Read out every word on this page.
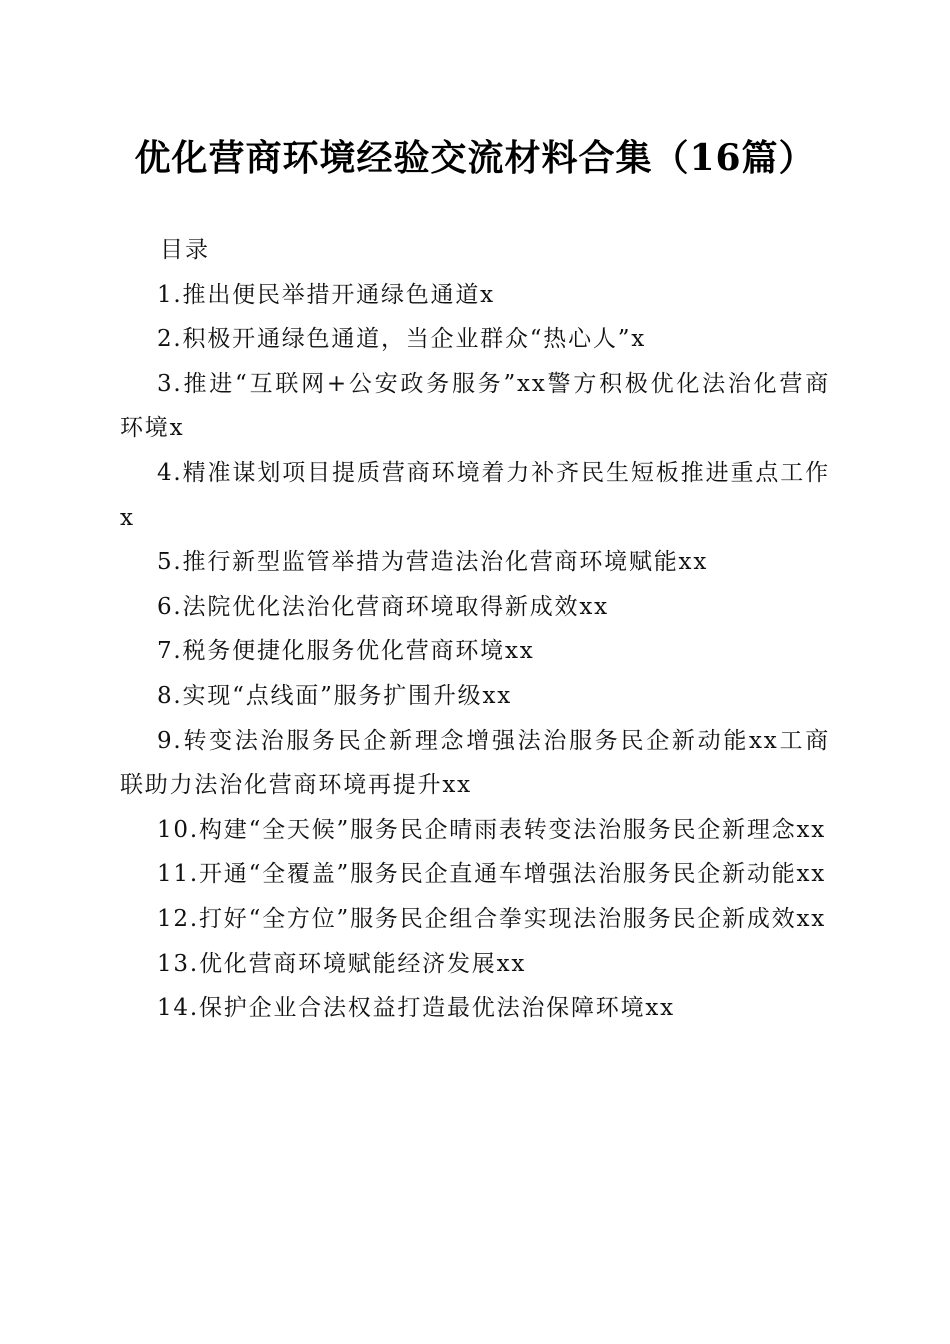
优化营商环境经验交流材料合集（16篇）
目录
1.推出便民举措开通绿色通道x
2.积极开通绿色通道，当企业群众“热心人”x
3.推进“互联网+公安政务服务”xx警方积极优化法治化营商环境x
4.精准谋划项目提质营商环境着力补齐民生短板推进重点工作x
5.推行新型监管举措为营造法治化营商环境赋能xx
6.法院优化法治化营商环境取得新成效xx
7.税务便捷化服务优化营商环境xx
8.实现“点线面”服务扩围升级xx
9.转变法治服务民企新理念增强法治服务民企新动能xx工商联助力法治化营商环境再提升xx
10.构建“全天候”服务民企晴雨表转变法治服务民企新理念xx
11.开通“全覆盖”服务民企直通车增强法治服务民企新动能xx
12.打好“全方位”服务民企组合拳实现法治服务民企新成效xx
13.优化营商环境赋能经济发展xx
14.保护企业合法权益打造最优法治保障环境xx
